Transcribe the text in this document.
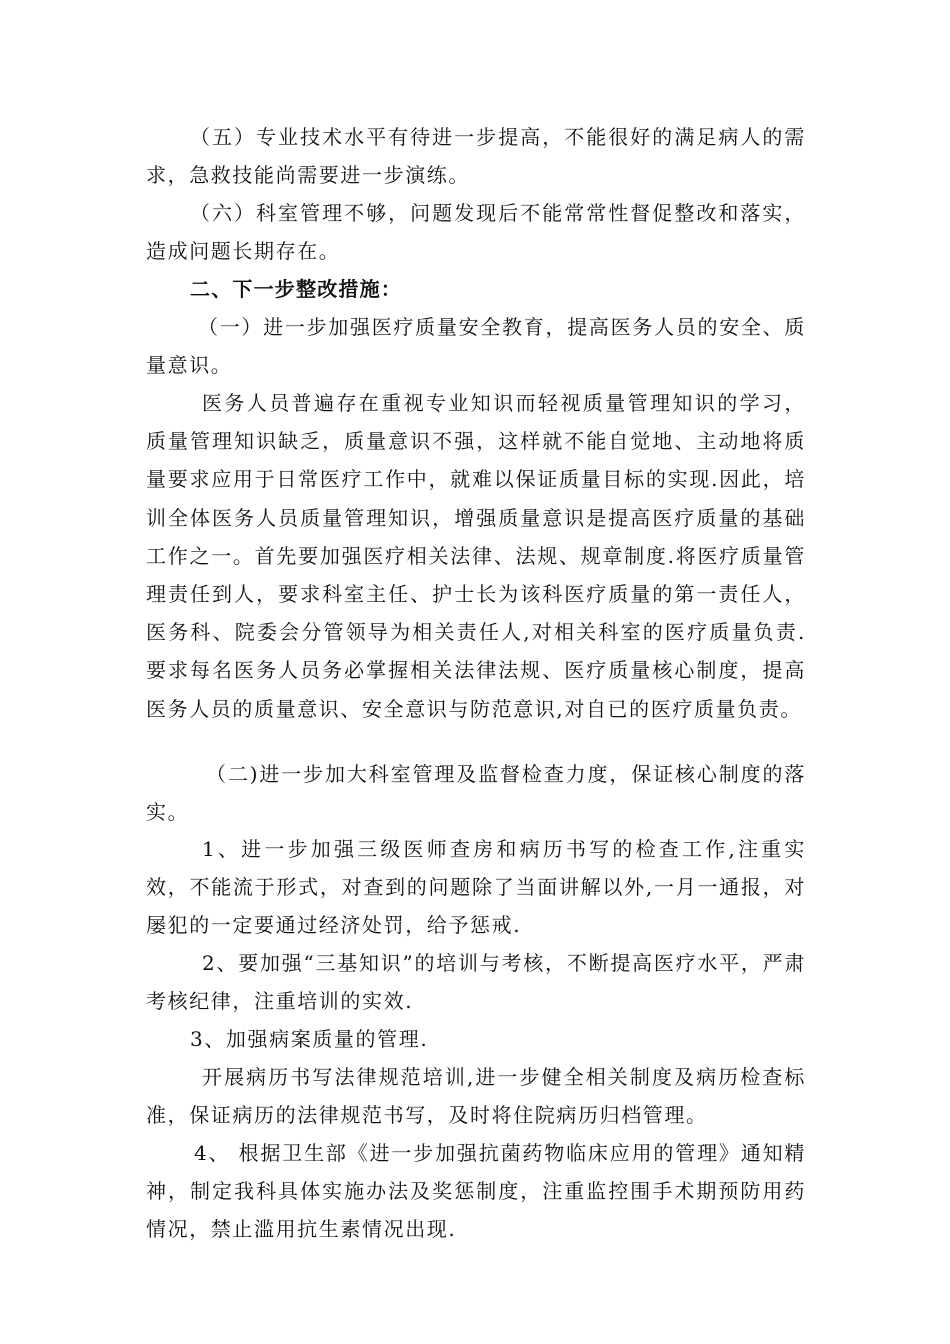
（五）专业技术水平有待进一步提高，不能很好的满足病人的需求，急救技能尚需要进一步演练。

（六）科室管理不够，问题发现后不能常常性督促整改和落实，造成问题长期存在。

二、下一步整改措施：

（一）进一步加强医疗质量安全教育，提高医务人员的安全、质量意识。

医务人员普遍存在重视专业知识而轻视质量管理知识的学习，质量管理知识缺乏，质量意识不强，这样就不能自觉地、主动地将质量要求应用于日常医疗工作中，就难以保证质量目标的实现.因此，培训全体医务人员质量管理知识，增强质量意识是提高医疗质量的基础工作之一。首先要加强医疗相关法律、法规、规章制度.将医疗质量管理责任到人，要求科室主任、护士长为该科医疗质量的第一责任人，医务科、院委会分管领导为相关责任人,对相关科室的医疗质量负责.要求每名医务人员务必掌握相关法律法规、医疗质量核心制度，提高医务人员的质量意识、安全意识与防范意识,对自已的医疗质量负责。

（二)进一步加大科室管理及监督检查力度，保证核心制度的落实。

1、进一步加强三级医师查房和病历书写的检查工作,注重实效，不能流于形式，对查到的问题除了当面讲解以外,一月一通报，对屡犯的一定要通过经济处罚，给予惩戒.

2、要加强“三基知识”的培训与考核，不断提高医疗水平，严肃考核纪律，注重培训的实效.

3、加强病案质量的管理.

开展病历书写法律规范培训,进一步健全相关制度及病历检查标准，保证病历的法律规范书写，及时将住院病历归档管理。

4、 根据卫生部《进一步加强抗菌药物临床应用的管理》通知精神，制定我科具体实施办法及奖惩制度，注重监控围手术期预防用药情况，禁止滥用抗生素情况出现.
